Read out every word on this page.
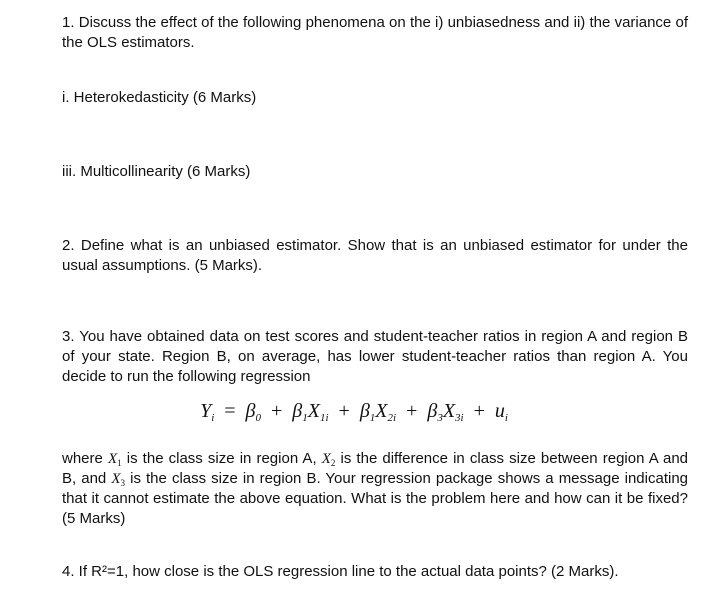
1. Discuss the effect of the following phenomena on the i) unbiasedness and ii) the variance of the OLS estimators.

i. Heterokedasticity (6 Marks)

iii. Multicollinearity (6 Marks)

2. Define what is an unbiased estimator. Show that is an unbiased estimator for under the usual assumptions. (5 Marks).

3. You have obtained data on test scores and student-teacher ratios in region A and region B of your state. Region B, on average, has lower student-teacher ratios than region A. You decide to run the following regression

$Y_i = \beta_0 + \beta_1X_{1i} + \beta_1X_{2i} + \beta_3X_{3i} + u_i$

where $X_1$ is the class size in region A, $X_2$ is the difference in class size between region A and B, and $X_3$ is the class size in region B. Your regression package shows a message indicating that it cannot estimate the above equation. What is the problem here and how can it be fixed? (5 Marks)

4. If R²=1, how close is the OLS regression line to the actual data points? (2 Marks).
